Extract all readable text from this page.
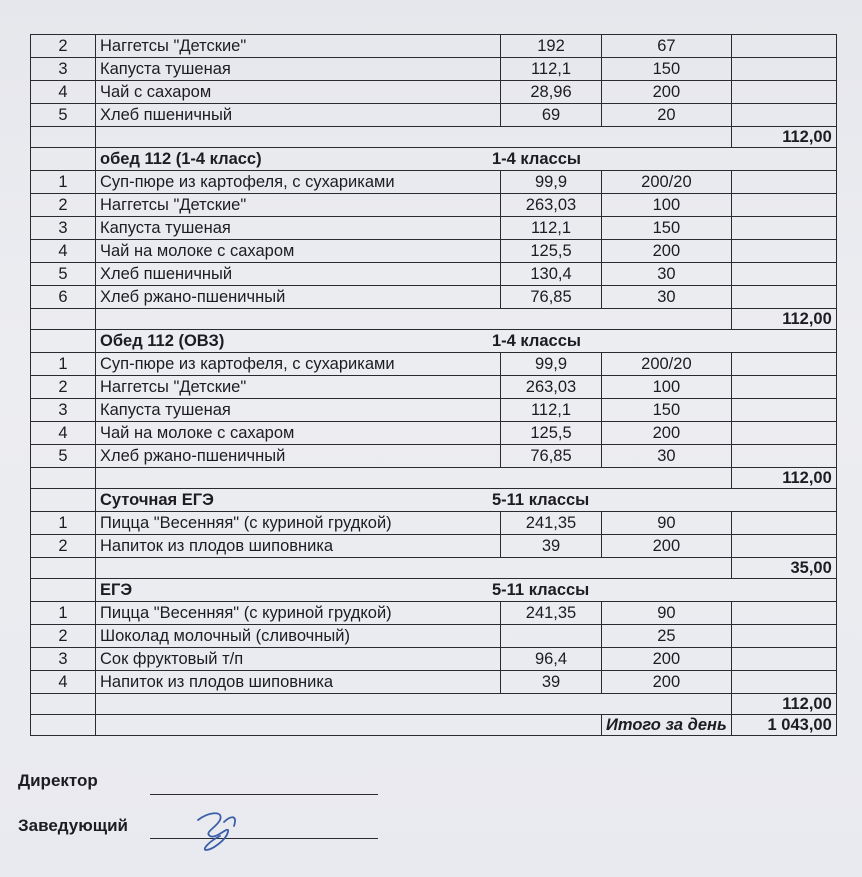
2	Наггетсы "Детские"	192	67	
3	Капуста тушеная	112,1	150	
4	Чай с сахаром	28,96	200	
5	Хлеб пшеничный	69	20	
				112,00

	обед 112 (1-4 класс) 1-4 классы			

1	Суп-пюре из картофеля, с сухариками	99,9	200/20	
2	Наггетсы "Детские"	263,03	100	
3	Капуста тушеная	112,1	150	
4	Чай на молоке с сахаром	125,5	200	
5	Хлеб пшеничный	130,4	30	
6	Хлеб ржано-пшеничный	76,85	30	
				112,00

	Обед 112 (ОВЗ) 1-4 классы			

1	Суп-пюре из картофеля, с сухариками	99,9	200/20	
2	Наггетсы "Детские"	263,03	100	
3	Капуста тушеная	112,1	150	
4	Чай на молоке с сахаром	125,5	200	
5	Хлеб ржано-пшеничный	76,85	30	
				112,00

	Суточная ЕГЭ 5-11 классы			

1	Пицца "Весенняя" (с куриной грудкой)	241,35	90	
2	Напиток из плодов шиповника	39	200	
				35,00

	ЕГЭ 5-11 классы			

1	Пицца "Весенняя" (с куриной грудкой)	241,35	90	
2	Шоколад молочный (сливочный)		25	
3	Сок фруктовый т/п	96,4	200	
4	Напиток из плодов шиповника	39	200	
				112,00
			Итого за день	1 043,00
Директор
Заведующий
